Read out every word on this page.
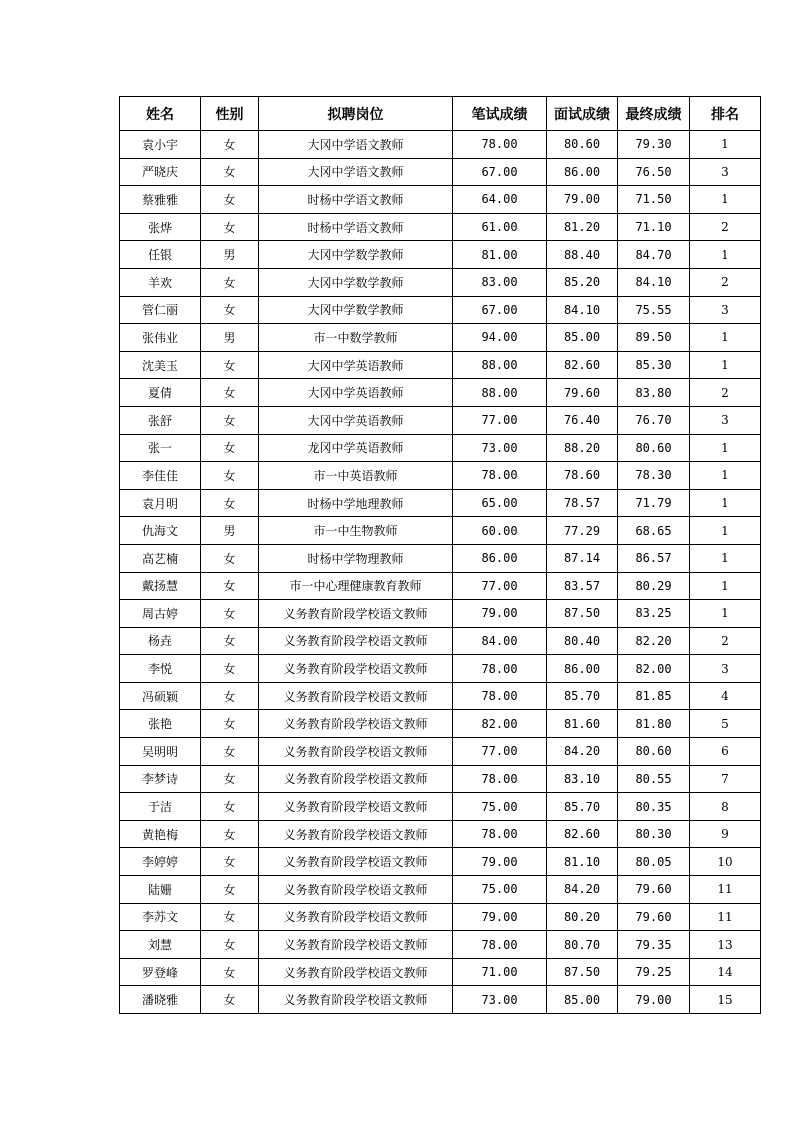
姓名	性别	拟聘岗位	笔试成绩	面试成绩	最终成绩	排名
袁小宇	女	大冈中学语文教师	78.00	80.60	79.30	1
严晓庆	女	大冈中学语文教师	67.00	86.00	76.50	3
蔡雅雅	女	时杨中学语文教师	64.00	79.00	71.50	1
张烨	女	时杨中学语文教师	61.00	81.20	71.10	2
任银	男	大冈中学数学教师	81.00	88.40	84.70	1
羊欢	女	大冈中学数学教师	83.00	85.20	84.10	2
管仁丽	女	大冈中学数学教师	67.00	84.10	75.55	3
张伟业	男	市一中数学教师	94.00	85.00	89.50	1
沈美玉	女	大冈中学英语教师	88.00	82.60	85.30	1
夏倩	女	大冈中学英语教师	88.00	79.60	83.80	2
张舒	女	大冈中学英语教师	77.00	76.40	76.70	3
张一	女	龙冈中学英语教师	73.00	88.20	80.60	1
李佳佳	女	市一中英语教师	78.00	78.60	78.30	1
袁月明	女	时杨中学地理教师	65.00	78.57	71.79	1
仇海文	男	市一中生物教师	60.00	77.29	68.65	1
高艺楠	女	时杨中学物理教师	86.00	87.14	86.57	1
戴扬慧	女	市一中心理健康教育教师	77.00	83.57	80.29	1
周古婷	女	义务教育阶段学校语文教师	79.00	87.50	83.25	1
杨垚	女	义务教育阶段学校语文教师	84.00	80.40	82.20	2
李悦	女	义务教育阶段学校语文教师	78.00	86.00	82.00	3
冯硕颖	女	义务教育阶段学校语文教师	78.00	85.70	81.85	4
张艳	女	义务教育阶段学校语文教师	82.00	81.60	81.80	5
吴明明	女	义务教育阶段学校语文教师	77.00	84.20	80.60	6
李梦诗	女	义务教育阶段学校语文教师	78.00	83.10	80.55	7
于洁	女	义务教育阶段学校语文教师	75.00	85.70	80.35	8
黄艳梅	女	义务教育阶段学校语文教师	78.00	82.60	80.30	9
李婷婷	女	义务教育阶段学校语文教师	79.00	81.10	80.05	10
陆姗	女	义务教育阶段学校语文教师	75.00	84.20	79.60	11
李苏文	女	义务教育阶段学校语文教师	79.00	80.20	79.60	11
刘慧	女	义务教育阶段学校语文教师	78.00	80.70	79.35	13
罗登峰	女	义务教育阶段学校语文教师	71.00	87.50	79.25	14
潘晓雅	女	义务教育阶段学校语文教师	73.00	85.00	79.00	15
